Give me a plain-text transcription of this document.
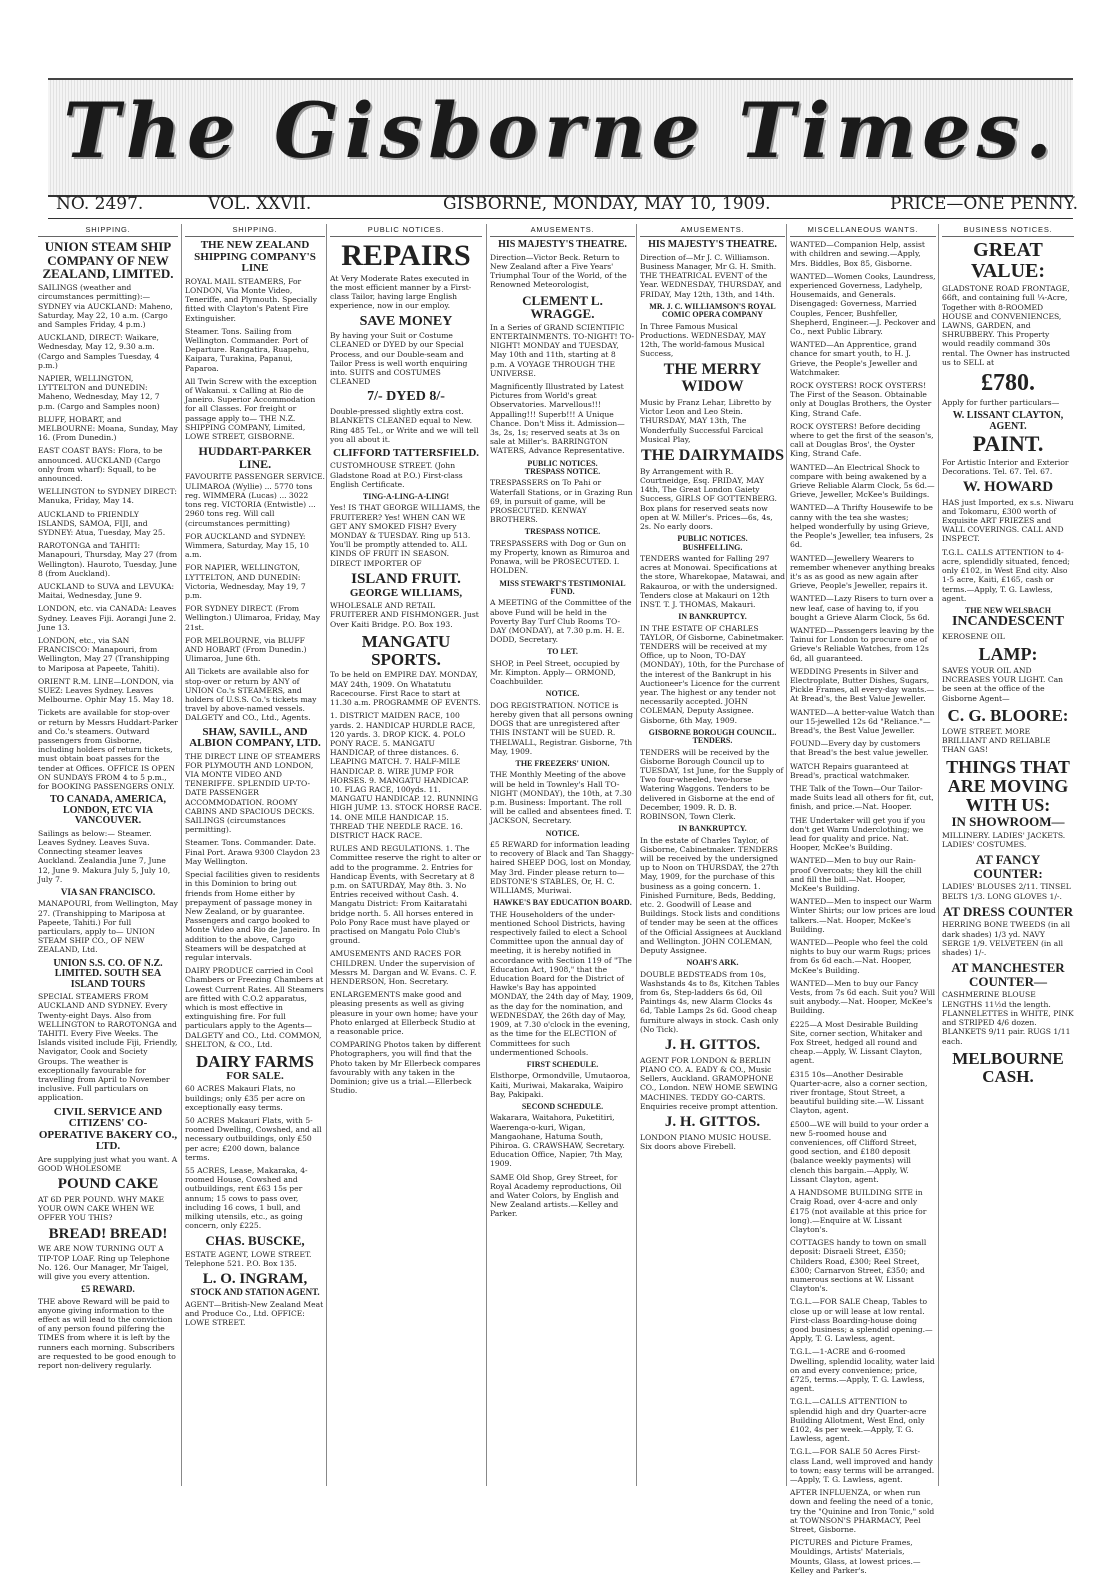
The Gisborne Times.
NO. 2497.	VOL. XXVII.	GISBORNE, MONDAY, MAY 10, 1909.	PRICE—ONE PENNY.
SHIPPING.
UNION STEAM SHIP COMPANY OF NEW ZEALAND, LIMITED.
SAILINGS (weather and circumstances permitting):— SYDNEY via AUCKLAND: Maheno, Saturday, May 22, 10 a.m. (Cargo and Samples Friday, 4 p.m.)
AUCKLAND, DIRECT: Waikare, Wednesday, May 12, 9.30 a.m. (Cargo and Samples Tuesday, 4 p.m.)
NAPIER, WELLINGTON, LYTTELTON and DUNEDIN: Maheno, Wednesday, May 12, 7 p.m. (Cargo and Samples noon)
BLUFF, HOBART, and MELBOURNE: Moana, Sunday, May 16. (From Dunedin.)
EAST COAST BAYS: Flora, to be announced. AUCKLAND (Cargo only from wharf): Squall, to be announced.
WELLINGTON to SYDNEY DIRECT: Manuka, Friday, May 14.
AUCKLAND to FRIENDLY ISLANDS, SAMOA, FIJI, and SYDNEY: Atua, Tuesday, May 25.
RAROTONGA and TAHITI: Manapouri, Thursday, May 27 (from Wellington). Hauroto, Tuesday, June 8 (from Auckland).
AUCKLAND to SUVA and LEVUKA: Maitai, Wednesday, June 9.
LONDON, etc. via CANADA: Leaves Sydney. Leaves Fiji. Aorangi June 2. June 13.
LONDON, etc., via SAN FRANCISCO: Manapouri, from Wellington, May 27 (Transhipping to Mariposa at Papeete, Tahiti).
ORIENT R.M. LINE—LONDON, via SUEZ: Leaves Sydney. Leaves Melbourne. Ophir May 15. May 18.
Tickets are available for stop-over or return by Messrs Huddart-Parker and Co.'s steamers. Outward passengers from Gisborne, including holders of return tickets, must obtain boat passes for the tender at Offices. OFFICE IS OPEN ON SUNDAYS FROM 4 to 5 p.m., for BOOKING PASSENGERS ONLY.
TO CANADA, AMERICA, LONDON, ETC VIA VANCOUVER.
Sailings as below:— Steamer. Leaves Sydney. Leaves Suva. Connecting steamer leaves Auckland. Zealandia June 7, June 12, June 9. Makura July 5, July 10, July 7.
VIA SAN FRANCISCO.
MANAPOURI, from Wellington, May 27. (Transhipping to Mariposa at Papeete, Tahiti.) For full particulars, apply to— UNION STEAM SHIP CO., OF NEW ZEALAND, Ltd.
UNION S.S. CO. OF N.Z. LIMITED. SOUTH SEA ISLAND TOURS
SPECIAL STEAMERS FROM AUCKLAND AND SYDNEY. Every Twenty-eight Days. Also from WELLINGTON to RAROTONGA and TAHITI. Every Five Weeks. The Islands visited include Fiji, Friendly, Navigator, Cook and Society Groups. The weather is exceptionally favourable for travelling from April to November inclusive. Full particulars on application.
CIVIL SERVICE AND CITIZENS' CO-OPERATIVE BAKERY CO., LTD.
Are supplying just what you want. A GOOD WHOLESOME
POUND CAKE
AT 6D PER POUND. WHY MAKE YOUR OWN CAKE WHEN WE OFFER YOU THIS?
BREAD! BREAD!
WE ARE NOW TURNING OUT A TIP-TOP LOAF. Ring up Telephone No. 126. Our Manager, Mr Taigel, will give you every attention.
£5 REWARD.
THE above Reward will be paid to anyone giving information to the effect as will lead to the conviction of any person found pilfering the TIMES from where it is left by the runners each morning. Subscribers are requested to be good enough to report non-delivery regularly.
SHIPPING.
THE NEW ZEALAND SHIPPING COMPANY'S LINE
ROYAL MAIL STEAMERS, For LONDON, Via Monte Video, Teneriffe, and Plymouth. Specially fitted with Clayton's Patent Fire Extinguisher.
Steamer. Tons. Sailing from Wellington. Commander. Port of Departure. Rangatira, Ruapehu, Kaipara, Turakina, Papanui, Paparoa.
All Twin Screw with the exception of Wakanui. x Calling at Rio de Janeiro. Superior Accommodation for all Classes. For freight or passage apply to— THE N.Z. SHIPPING COMPANY, Limited, LOWE STREET, GISBORNE.
HUDDART-PARKER LINE.
FAVOURITE PASSENGER SERVICE. ULIMAROA (Wyllie) ... 5770 tons reg. WIMMERA (Lucas) ... 3022 tons reg. VICTORIA (Entwistle) ... 2960 tons reg. Will call (circumstances permitting)
FOR AUCKLAND and SYDNEY: Wimmera, Saturday, May 15, 10 a.m.
FOR NAPIER, WELLINGTON, LYTTELTON, AND DUNEDIN: Victoria, Wednesday, May 19, 7 p.m.
FOR SYDNEY DIRECT. (From Wellington.) Ulimaroa, Friday, May 21st.
FOR MELBOURNE, via BLUFF AND HOBART (From Dunedin.) Ulimaroa, June 6th.
All Tickets are available also for stop-over or return by ANY of UNION Co.'s STEAMERS, and holders of U.S.S. Co.'s tickets may travel by above-named vessels. DALGETY and CO., Ltd., Agents.
SHAW, SAVILL, AND ALBION COMPANY, LTD.
THE DIRECT LINE OF STEAMERS FOR PLYMOUTH AND LONDON, VIA MONTE VIDEO AND TENERIFFE. SPLENDID UP-TO-DATE PASSENGER ACCOMMODATION. ROOMY CABINS AND SPACIOUS DECKS. SAILINGS (circumstances permitting).
Steamer. Tons. Commander. Date. Final Port. Arawa 9300 Claydon 23 May Wellington.
Special facilities given to residents in this Dominion to bring out friends from Home either by prepayment of passage money in New Zealand, or by guarantee. Passengers and cargo booked to Monte Video and Rio de Janeiro. In addition to the above, Cargo Steamers will be despatched at regular intervals.
DAIRY PRODUCE carried in Cool Chambers or Freezing Chambers at Lowest Current Rates. All Steamers are fitted with C.O.2 apparatus, which is most effective in extinguishing fire. For full particulars apply to the Agents— DALGETY and CO., Ltd. COMMON, SHELTON, & CO., Ltd.
DAIRY FARMS
FOR SALE.
60 ACRES Makauri Flats, no buildings; only £35 per acre on exceptionally easy terms.
50 ACRES Makauri Flats, with 5-roomed Dwelling, Cowshed, and all necessary outbuildings, only £50 per acre; £200 down, balance terms.
55 ACRES, Lease, Makaraka, 4-roomed House, Cowshed and outbuildings, rent £63 15s per annum; 15 cows to pass over, including 16 cows, 1 bull, and milking utensils, etc., as going concern, only £225.
CHAS. BUSCKE,
ESTATE AGENT, LOWE STREET. Telephone 521. P.O. Box 135.
L. O. INGRAM,
STOCK AND STATION AGENT.
AGENT—British-New Zealand Meat and Produce Co., Ltd. OFFICE: LOWE STREET.
PUBLIC NOTICES.
REPAIRS
At Very Moderate Rates executed in the most efficient manner by a First-class Tailor, having large English experience, now in our employ.
SAVE MONEY
By having your Suit or Costume CLEANED or DYED by our Special Process, and our Double-seam and Tailor Press is well worth enquiring into. SUITS and COSTUMES CLEANED
7/- DYED 8/-
Double-pressed slightly extra cost. BLANKETS CLEANED equal to New. Ring 485 Tel., or Write and we will tell you all about it.
CLIFFORD TATTERSFIELD.
CUSTOMHOUSE STREET. (John Gladstone Road at P.O.) First-class English Certificate.
TING-A-LING-A-LING!
Yes! IS THAT GEORGE WILLIAMS, the FRUITERER? Yes! WHEN CAN WE GET ANY SMOKED FISH? Every MONDAY & TUESDAY. Ring up 513. You'll be promptly attended to. ALL KINDS OF FRUIT IN SEASON. DIRECT IMPORTER OF
ISLAND FRUIT.
GEORGE WILLIAMS,
WHOLESALE AND RETAIL FRUITERER AND FISHMONGER. Just Over Kaiti Bridge. P.O. Box 193.
MANGATU SPORTS.
To be held on EMPIRE DAY. MONDAY, MAY 24th, 1909. On Whatatutu Racecourse. First Race to start at 11.30 a.m. PROGRAMME OF EVENTS.
1. DISTRICT MAIDEN RACE, 100 yards. 2. HANDICAP HURDLE RACE, 120 yards. 3. DROP KICK. 4. POLO PONY RACE. 5. MANGATU HANDICAP, of three distances. 6. LEAPING MATCH. 7. HALF-MILE HANDICAP. 8. WIRE JUMP FOR HORSES. 9. MANGATU HANDICAP. 10. FLAG RACE, 100yds. 11. MANGATU HANDICAP. 12. RUNNING HIGH JUMP. 13. STOCK HORSE RACE. 14. ONE MILE HANDICAP. 15. THREAD THE NEEDLE RACE. 16. DISTRICT HACK RACE.
RULES AND REGULATIONS. 1. The Committee reserve the right to alter or add to the programme. 2. Entries for Handicap Events, with Secretary at 8 p.m. on SATURDAY, May 8th. 3. No Entries received without Cash. 4. Mangatu District: From Kaitaratahi bridge north. 5. All horses entered in Polo Pony Race must have played or practised on Mangatu Polo Club's ground.
AMUSEMENTS AND RACES FOR CHILDREN. Under the supervision of Messrs M. Dargan and W. Evans. C. F. HENDERSON, Hon. Secretary.
ENLARGEMENTS make good and pleasing presents as well as giving pleasure in your own home; have your Photo enlarged at Ellerbeck Studio at a reasonable price.
COMPARING Photos taken by different Photographers, you will find that the Photo taken by Mr Ellerbeck compares favourably with any taken in the Dominion; give us a trial.—Ellerbeck Studio.
AMUSEMENTS.
HIS MAJESTY'S THEATRE.
Direction—Victor Beck. Return to New Zealand after a Five Years' Triumphal Tour of the World, of the Renowned Meteorologist,
CLEMENT L. WRAGGE.
In a Series of GRAND SCIENTIFIC ENTERTAINMENTS. TO-NIGHT! TO-NIGHT! MONDAY and TUESDAY, May 10th and 11th, starting at 8 p.m. A VOYAGE THROUGH THE UNIVERSE.
Magnificently Illustrated by Latest Pictures from World's great Observatories. Marvellous!!! Appalling!!! Superb!!! A Unique Chance. Don't Miss it. Admission—3s, 2s, 1s; reserved seats at 3s on sale at Miller's. BARRINGTON WATERS, Advance Representative.
PUBLIC NOTICES.
TRESPASS NOTICE.
TRESPASSERS on To Pahi or Waterfall Stations, or in Grazing Run 69, in pursuit of game, will be PROSECUTED. KENWAY BROTHERS.
TRESPASS NOTICE.
TRESPASSERS with Dog or Gun on my Property, known as Rimuroa and Ponawa, will be PROSECUTED. I. HOLDEN.
MISS STEWART'S TESTIMONIAL FUND.
A MEETING of the Committee of the above Fund will be held in the Poverty Bay Turf Club Rooms TO-DAY (MONDAY), at 7.30 p.m. H. E. DODD, Secretary.
TO LET.
SHOP, in Peel Street, occupied by Mr. Kimpton. Apply— ORMOND, Coachbuilder.
NOTICE.
DOG REGISTRATION. NOTICE is hereby given that all persons owning DOGS that are unregistered after THIS INSTANT will be SUED. R. THELWALL, Registrar. Gisborne, 7th May, 1909.
THE FREEZERS' UNION.
THE Monthly Meeting of the above will be held in Townley's Hall TO-NIGHT (MONDAY), the 10th, at 7.30 p.m. Business: Important. The roll will be called and absentees fined. T. JACKSON, Secretary.
NOTICE.
£5 REWARD for information leading to recovery of Black and Tan Shaggy-haired SHEEP DOG, lost on Monday, May 3rd. Finder please return to— EDSTONE'S STABLES, Or, H. C. WILLIAMS, Muriwai.
HAWKE'S BAY EDUCATION BOARD.
THE Householders of the under-mentioned School Districts, having respectively failed to elect a School Committee upon the annual day of meeting, it is hereby notified in accordance with Section 119 of "The Education Act, 1908," that the Education Board for the District of Hawke's Bay has appointed MONDAY, the 24th day of May, 1909, as the day for the nomination, and WEDNESDAY, the 26th day of May, 1909, at 7.30 o'clock in the evening, as the time for the ELECTION of Committees for such undermentioned Schools.
FIRST SCHEDULE.
Elsthorpe, Ormondville, Umutaoroa, Kaiti, Muriwai, Makaraka, Waipiro Bay, Pakipaki.
SECOND SCHEDULE.
Wakarara, Waitahora, Puketitiri, Waerenga-o-kuri, Wigan, Mangaohane, Hatuma South, Pihiroa. G. CRAWSHAW, Secretary. Education Office, Napier, 7th May, 1909.
SAME Old Shop, Grey Street, for Royal Academy reproductions, Oil and Water Colors, by English and New Zealand artists.—Kelley and Parker.
AMUSEMENTS.
HIS MAJESTY'S THEATRE.
Direction of—Mr J. C. Williamson. Business Manager, Mr G. H. Smith. THE THEATRICAL EVENT of the Year. WEDNESDAY, THURSDAY, and FRIDAY, May 12th, 13th, and 14th.
MR. J. C. WILLIAMSON'S ROYAL COMIC OPERA COMPANY
In Three Famous Musical Productions. WEDNESDAY, MAY 12th, The world-famous Musical Success,
THE MERRY WIDOW
Music by Franz Lehar, Libretto by Victor Leon and Leo Stein. THURSDAY, MAY 13th, The Wonderfully Successful Farcical Musical Play,
THE DAIRYMAIDS
By Arrangement with R. Courtneidge, Esq. FRIDAY, MAY 14th, The Great London Gaiety Success, GIRLS OF GOTTENBERG. Box plans for reserved seats now open at W. Miller's. Prices—6s, 4s, 2s. No early doors.
PUBLIC NOTICES.
BUSHFELLING.
TENDERS wanted for Falling 297 acres at Monowai. Specifications at the store, Wharekopae, Matawai, and Rakauroa, or with the undersigned. Tenders close at Makauri on 12th INST. T. J. THOMAS, Makauri.
IN BANKRUPTCY.
IN THE ESTATE OF CHARLES TAYLOR, Of Gisborne, Cabinetmaker. TENDERS will be received at my Office, up to Noon, TO-DAY (MONDAY), 10th, for the Purchase of the interest of the Bankrupt in his Auctioneer's Licence for the current year. The highest or any tender not necessarily accepted. JOHN COLEMAN, Deputy Assignee. Gisborne, 6th May, 1909.
GISBORNE BOROUGH COUNCIL.
TENDERS.
TENDERS will be received by the Gisborne Borough Council up to TUESDAY, 1st June, for the Supply of Two four-wheeled, two-horse Watering Waggons. Tenders to be delivered in Gisborne at the end of December, 1909. R. D. B. ROBINSON, Town Clerk.
IN BANKRUPTCY.
In the estate of Charles Taylor, of Gisborne, Cabinetmaker. TENDERS will be received by the undersigned up to Noon on THURSDAY, the 27th May, 1909, for the purchase of this business as a going concern. 1. Finished Furniture, Beds, Bedding, etc. 2. Goodwill of Lease and Buildings. Stock lists and conditions of tender may be seen at the offices of the Official Assignees at Auckland and Wellington. JOHN COLEMAN, Deputy Assignee.
NOAH'S ARK.
DOUBLE BEDSTEADS from 10s, Washstands 4s to 8s, Kitchen Tables from 6s, Step-ladders 6s 6d, Oil Paintings 4s, new Alarm Clocks 4s 6d, Table Lamps 2s 6d. Good cheap furniture always in stock. Cash only (No Tick).
J. H. GITTOS.
AGENT FOR LONDON & BERLIN PIANO CO. A. EADY & CO., Music Sellers, Auckland. GRAMOPHONE CO., London. NEW HOME SEWING MACHINES. TEDDY GO-CARTS. Enquiries receive prompt attention.
J. H. GITTOS.
LONDON PIANO MUSIC HOUSE. Six doors above Firebell.
MISCELLANEOUS WANTS.
WANTED—Companion Help, assist with children and sewing.—Apply, Mrs. Biddles, Box 85, Gisborne.
WANTED—Women Cooks, Laundress, experienced Governess, Ladyhelp, Housemaids, and Generals. Disengaged: Governess, Married Couples, Fencer, Bushfeller, Shepherd, Engineer.—J. Peckover and Co., next Public Library.
WANTED—An Apprentice, grand chance for smart youth, to H. J. Grieve, the People's Jeweller and Watchmaker.
ROCK OYSTERS! ROCK OYSTERS! The First of the Season. Obtainable only at Douglas Brothers, the Oyster King, Strand Cafe.
ROCK OYSTERS! Before deciding where to get the first of the season's, call at Douglas Bros', the Oyster King, Strand Cafe.
WANTED—An Electrical Shock to compare with being awakened by a Grieve Reliable Alarm Clock, 5s 6d.—Grieve, Jeweller, McKee's Buildings.
WANTED—A Thrifty Housewife to be canny with the tea she wastes; helped wonderfully by using Grieve, the People's Jeweller, tea infusers, 2s 6d.
WANTED—Jewellery Wearers to remember whenever anything breaks it's as as good as new again after Grieve, People's Jeweller, repairs it.
WANTED—Lazy Risers to turn over a new leaf, case of having to, if you bought a Grieve Alarm Clock, 5s 6d.
WANTED—Passengers leaving by the Tainui for London to procure one of Grieve's Reliable Watches, from 12s 6d, all guaranteed.
WEDDING Presents in Silver and Electroplate, Butter Dishes, Sugars, Pickle Frames, all every-day wants.—At Bread's, the Best Value Jeweller.
WANTED—A better-value Watch than our 15-jewelled 12s 6d "Reliance."—Bread's, the Best Value Jeweller.
FOUND—Every day by customers that Bread's the best value jeweller.
WATCH Repairs guaranteed at Bread's, practical watchmaker.
THE Talk of the Town—Our Tailor-made Suits lead all others for fit, cut, finish, and price.—Nat. Hooper.
THE Undertaker will get you if you don't get Warm Underclothing; we lead for quality and price. Nat. Hooper, McKee's Building.
WANTED—Men to buy our Rain-proof Overcoats; they kill the chill and fill the bill.—Nat. Hooper, McKee's Building.
WANTED—Men to inspect our Warm Winter Shirts; our low prices are loud talkers.—Nat. Hooper, McKee's Building.
WANTED—People who feel the cold nights to buy our warm Rugs; prices from 6s 6d each.—Nat. Hooper, McKee's Building.
WANTED—Men to buy our Fancy Vests, from 7s 6d each. Suit you? Will suit anybody.—Nat. Hooper, McKee's Building.
£225—A Most Desirable Building Site, corner section, Whitaker and Fox Street, hedged all round and cheap.—Apply, W. Lissant Clayton, agent.
£315 10s—Another Desirable Quarter-acre, also a corner section, river frontage, Stout Street, a beautiful building site.—W. Lissant Clayton, agent.
£500—WE will build to your order a new 5-roomed house and conveniences, off Clifford Street, good section, and £180 deposit (balance weekly payments) will clench this bargain.—Apply, W. Lissant Clayton, agent.
A HANDSOME BUILDING SITE in Craig Road, over 4-acre and only £175 (not available at this price for long).—Enquire at W. Lissant Clayton's.
COTTAGES handy to town on small deposit: Disraeli Street, £350; Childers Road, £300; Reel Street, £300; Carnarvon Street, £350; and numerous sections at W. Lissant Clayton's.
T.G.L.—FOR SALE Cheap, Tables to close up or will lease at low rental. First-class Boarding-house doing good business; a splendid opening.—Apply, T. G. Lawless, agent.
T.G.L.—1-ACRE and 6-roomed Dwelling, splendid locality, water laid on and every convenience; price, £725, terms.—Apply, T. G. Lawless, agent.
T.G.L.—CALLS ATTENTION to splendid high and dry Quarter-acre Building Allotment, West End, only £102, 4s per week.—Apply, T. G. Lawless, agent.
T.G.L.—FOR SALE 50 Acres First-class Land, well improved and handy to town; easy terms will be arranged.—Apply, T. G. Lawless, agent.
AFTER INFLUENZA, or when run down and feeling the need of a tonic, try the "Quinine and Iron Tonic," sold at TOWNSON'S PHARMACY, Peel Street, Gisborne.
PICTURES and Picture Frames, Mouldings, Artists' Materials, Mounts, Glass, at lowest prices.—Kelley and Parker's.
BUSINESS NOTICES.
GREAT VALUE:
GLADSTONE ROAD FRONTAGE, 66ft, and containing full ¼-Acre, Together with 8-ROOMED HOUSE and CONVENIENCES, LAWNS, GARDEN, and SHRUBBERY. This Property would readily command 30s rental. The Owner has instructed us to SELL at
£780.
Apply for further particulars—
W. LISSANT CLAYTON, AGENT.
PAINT.
For Artistic Interior and Exterior Decorations. Tel. 67. Tel. 67.
W. HOWARD
HAS just Imported, ex s.s. Niwaru and Tokomaru, £300 worth of Exquisite ART FRIEZES and WALL COVERINGS. CALL AND INSPECT.
T.G.L. CALLS ATTENTION to 4-acre, splendidly situated, fenced; only £102, in West End city. Also 1-5 acre, Kaiti, £165, cash or terms.—Apply, T. G. Lawless, agent.
THE NEW WELSBACH
INCANDESCENT
KEROSENE OIL
LAMP:
SAVES YOUR OIL AND INCREASES YOUR LIGHT. Can be seen at the office of the Gisborne Agent—
C. G. BLOORE:
LOWE STREET. MORE BRILLIANT AND RELIABLE THAN GAS!
THINGS THAT ARE MOVING WITH US:
IN SHOWROOM—
MILLINERY. LADIES' JACKETS. LADIES' COSTUMES.
AT FANCY COUNTER:
LADIES' BLOUSES 2/11. TINSEL BELTS 1/3. LONG GLOVES 1/-.
AT DRESS COUNTER
HERRING BONE TWEEDS (in all dark shades) 1/3 yd. NAVY SERGE 1/9. VELVETEEN (in all shades) 1/-.
AT MANCHESTER COUNTER—
CASHMERINE BLOUSE LENGTHS 11½d the length. FLANNELETTES in WHITE, PINK and STRIPED 4/6 dozen. BLANKETS 9/11 pair. RUGS 1/11 each.
MELBOURNE CASH.
